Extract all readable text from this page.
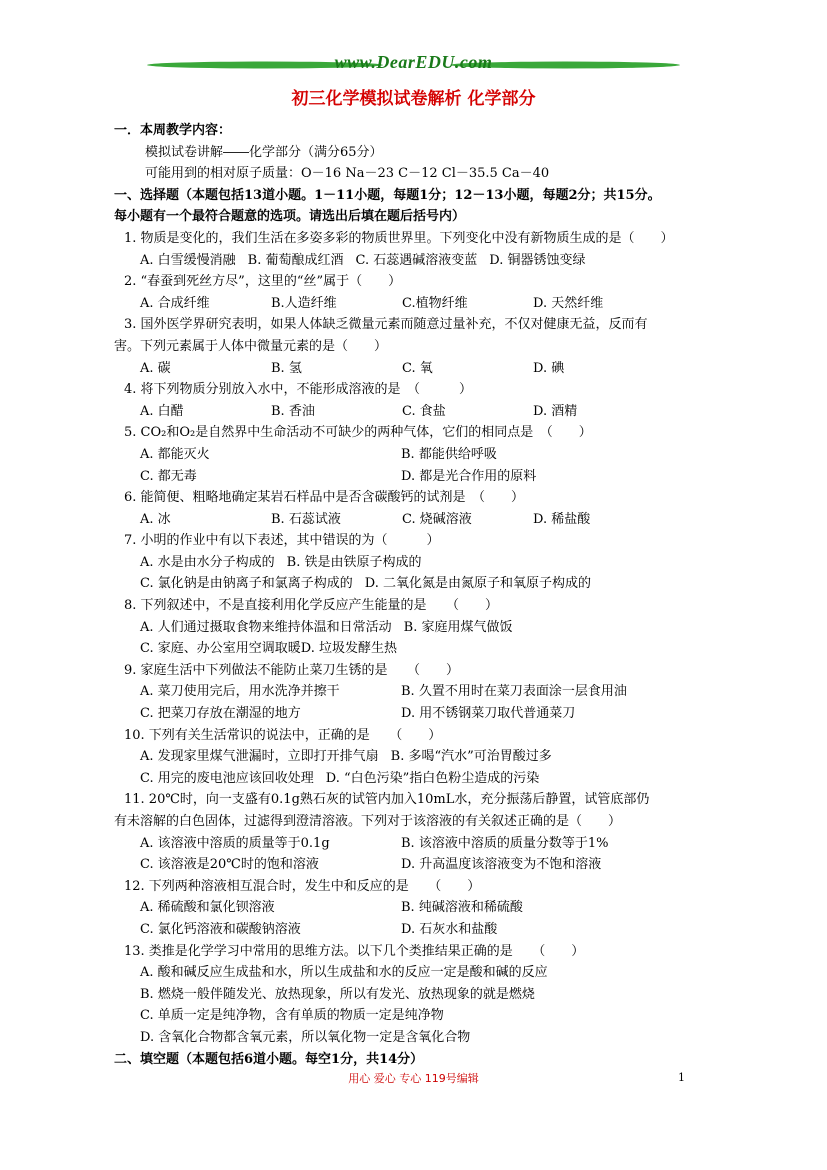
www.DearEDU.com
初三化学模拟试卷解析 化学部分
一．本周教学内容：
模拟试卷讲解――化学部分（满分65分）
可能用到的相对原子质量：O－16 Na－23 C－12 Cl－35.5 Ca－40
一、选择题（本题包括13道小题。1－11小题，每题1分；12－13小题，每题2分；共15分。
每小题有一个最符合题意的选项。请选出后填在题后括号内）
1. 物质是变化的，我们生活在多姿多彩的物质世界里。下列变化中没有新物质生成的是（　　）
A. 白雪缓慢消融 B. 葡萄酿成红酒 C. 石蕊遇碱溶液变蓝 D. 铜器锈蚀变绿
2. “春蚕到死丝方尽”，这里的“丝”属于（　　）
A. 合成纤维	B.人造纤维	C.植物纤维	D. 天然纤维
3. 国外医学界研究表明，如果人体缺乏微量元素而随意过量补充，不仅对健康无益，反而有
害。下列元素属于人体中微量元素的是（　　）
A. 碳	B. 氢	C. 氧	D. 碘
4. 将下列物质分别放入水中，不能形成溶液的是　（　　　）
A. 白醋	B. 香油	C. 食盐	D. 酒精
5. CO₂和O₂是自然界中生命活动不可缺少的两种气体，它们的相同点是　（　　）
A. 都能灭火	B. 都能供给呼吸
C. 都无毒	D. 都是光合作用的原料
6. 能简便、粗略地确定某岩石样品中是否含碳酸钙的试剂是　（　　）
A. 冰	B. 石蕊试液	C. 烧碱溶液	D. 稀盐酸
7. 小明的作业中有以下表述，其中错误的为（　　　）
A. 水是由水分子构成的 B. 铁是由铁原子构成的
C. 氯化钠是由钠离子和氯离子构成的 D. 二氧化氮是由氮原子和氧原子构成的
8. 下列叙述中，不是直接利用化学反应产生能量的是　　（　　）
A. 人们通过摄取食物来维持体温和日常活动 B. 家庭用煤气做饭
C. 家庭、办公室用空调取暖D. 垃圾发酵生热
9. 家庭生活中下列做法不能防止菜刀生锈的是　　（　　）
A. 菜刀使用完后，用水洗净并擦干	B. 久置不用时在菜刀表面涂一层食用油
C. 把菜刀存放在潮湿的地方	D. 用不锈钢菜刀取代普通菜刀
10. 下列有关生活常识的说法中，正确的是　　（　　）
A. 发现家里煤气泄漏时，立即打开排气扇 B. 多喝“汽水”可治胃酸过多
C. 用完的废电池应该回收处理 D. “白色污染”指白色粉尘造成的污染
11. 20℃时，向一支盛有0.1g熟石灰的试管内加入10mL水，充分振荡后静置，试管底部仍
有未溶解的白色固体，过滤得到澄清溶液。下列对于该溶液的有关叙述正确的是（　　）
A. 该溶液中溶质的质量等于0.1g	B. 该溶液中溶质的质量分数等于1%
C. 该溶液是20℃时的饱和溶液	D. 升高温度该溶液变为不饱和溶液
12. 下列两种溶液相互混合时，发生中和反应的是　　（　　）
A. 稀硫酸和氯化钡溶液	B. 纯碱溶液和稀硫酸
C. 氯化钙溶液和碳酸钠溶液	D. 石灰水和盐酸
13. 类推是化学学习中常用的思维方法。以下几个类推结果正确的是　　（　　）
A. 酸和碱反应生成盐和水，所以生成盐和水的反应一定是酸和碱的反应
B. 燃烧一般伴随发光、放热现象，所以有发光、放热现象的就是燃烧
C. 单质一定是纯净物，含有单质的物质一定是纯净物
D. 含氧化合物都含氧元素，所以氧化物一定是含氧化合物
二、填空题（本题包括6道小题。每空1分，共14分）
用心 爱心 专心 119号编辑	1
